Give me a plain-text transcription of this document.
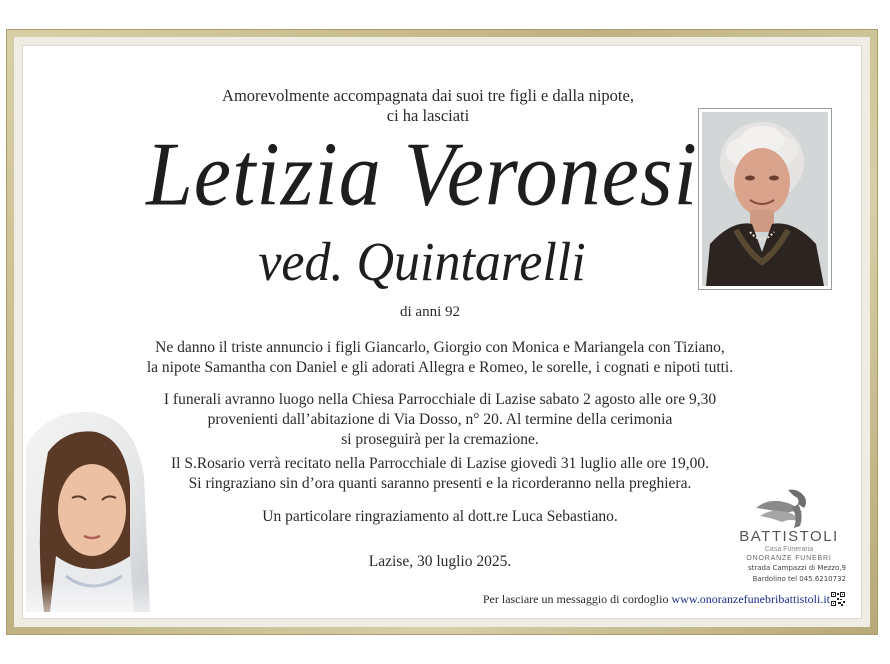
Amorevolmente accompagnata dai suoi tre figli e dalla nipote,

ci ha lasciati

Letizia Veronesi
ved. Quintarelli
di anni 92

Ne danno il triste annuncio i figli Giancarlo, Giorgio con Monica e Mariangela con Tiziano,
la nipote Samantha con Daniel e gli adorati Allegra e Romeo, le sorelle, i cognati e nipoti tutti.

I funerali avranno luogo nella Chiesa Parrocchiale di Lazise sabato 2 agosto alle ore 9,30
provenienti dall’abitazione di Via Dosso, n° 20. Al termine della cerimonia
si proseguirà per la cremazione.

Il S.Rosario verrà recitato nella Parrocchiale di Lazise giovedì 31 luglio alle ore 19,00.
Si ringraziano sin d’ora quanti saranno presenti e la ricorderanno nella preghiera.

Un particolare ringraziamento al dott.re Luca Sebastiano.

Lazise, 30 luglio 2025.

BATTISTOLI
Casa Funeraria
ONORANZE FUNEBRI
strada Campazzi di Mezzo,9
Bardolino tel 045.6210732
Per lasciare un messaggio di cordoglio www.onoranzefunebribattistoli.it
